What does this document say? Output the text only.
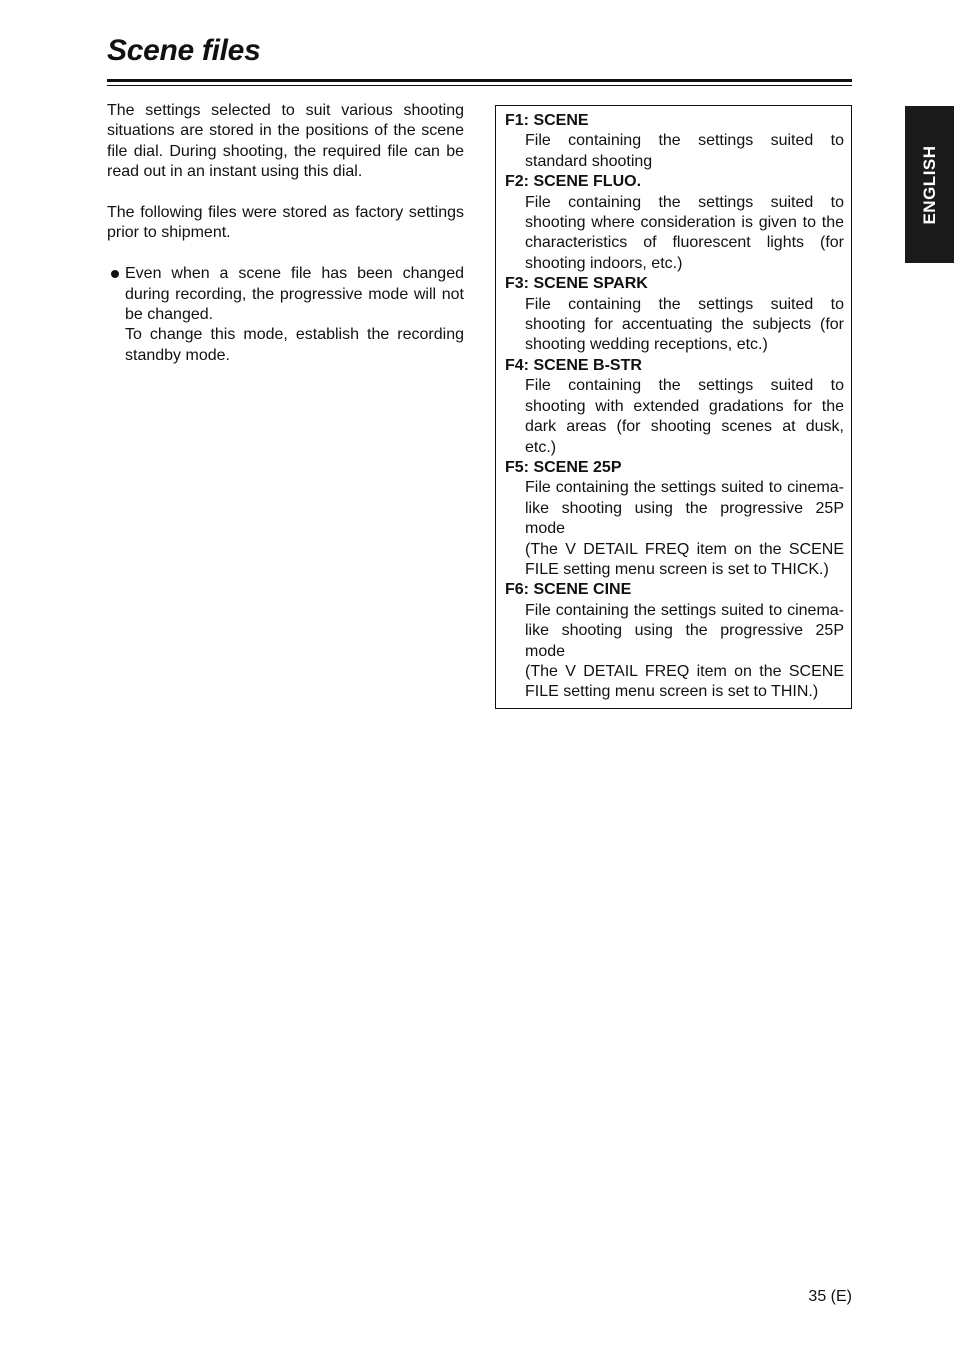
Scene files

The settings selected to suit various shooting situations are stored in the positions of the scene file dial. During shooting, the required file can be read out in an instant using this dial.

The following files were stored as factory settings prior to shipment.

Even when a scene file has been changed during recording, the progressive mode will not be changed.
To change this mode, establish the recording standby mode.
F1: SCENE
File containing the settings suited to standard shooting
F2: SCENE FLUO.
File containing the settings suited to shooting where consideration is given to the characteristics of fluorescent lights (for shooting indoors, etc.)
F3: SCENE SPARK
File containing the settings suited to shooting for accentuating the subjects (for shooting wedding receptions, etc.)
F4: SCENE B-STR
File containing the settings suited to shooting with extended gradations for the dark areas (for shooting scenes at dusk, etc.)
F5: SCENE 25P
File containing the settings suited to cinema-like shooting using the progressive 25P mode
(The V DETAIL FREQ item on the SCENE FILE setting menu screen is set to THICK.)
F6: SCENE CINE
File containing the settings suited to cinema-like shooting using the progressive 25P mode
(The V DETAIL FREQ item on the SCENE FILE setting menu screen is set to THIN.)
ENGLISH
35 (E)
